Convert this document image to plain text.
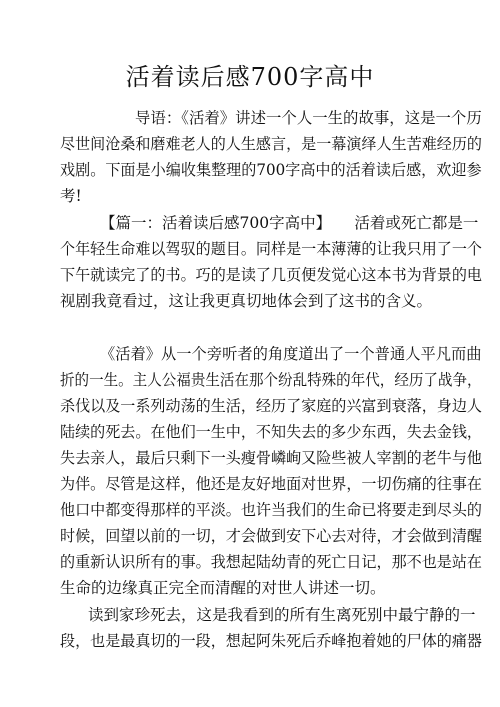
活着读后感700字高中
导语：《活着》讲述一个人一生的故事，这是一个历
尽世间沧桑和磨难老人的人生感言，是一幕演绎人生苦难经历的
戏剧。下面是小编收集整理的700字高中的活着读后感，欢迎参
考!
【篇一：活着读后感700字高中】　　活着或死亡都是一
个年轻生命难以驾驭的题目。同样是一本薄薄的让我只用了一个
下午就读完了的书。巧的是读了几页便发觉心这本书为背景的电
视剧我竟看过，这让我更真切地体会到了这书的含义。
《活着》从一个旁听者的角度道出了一个普通人平凡而曲
折的一生。主人公福贵生活在那个纷乱特殊的年代，经历了战争，
杀伐以及一系列动荡的生活，经历了家庭的兴富到衰落，身边人
陆续的死去。在他们一生中，不知失去的多少东西，失去金钱，
失去亲人，最后只剩下一头瘦骨嶙峋又险些被人宰割的老牛与他
为伴。尽管是这样，他还是友好地面对世界，一切伤痛的往事在
他口中都变得那样的平淡。也许当我们的生命已将要走到尽头的
时候，回望以前的一切，才会做到安下心去对待，才会做到清醒
的重新认识所有的事。我想起陆幼青的死亡日记，那不也是站在
生命的边缘真正完全而清醒的对世人讲述一切。
读到家珍死去，这是我看到的所有生离死别中最宁静的一
段，也是最真切的一段，想起阿朱死后乔峰抱着她的尸体的痛器
